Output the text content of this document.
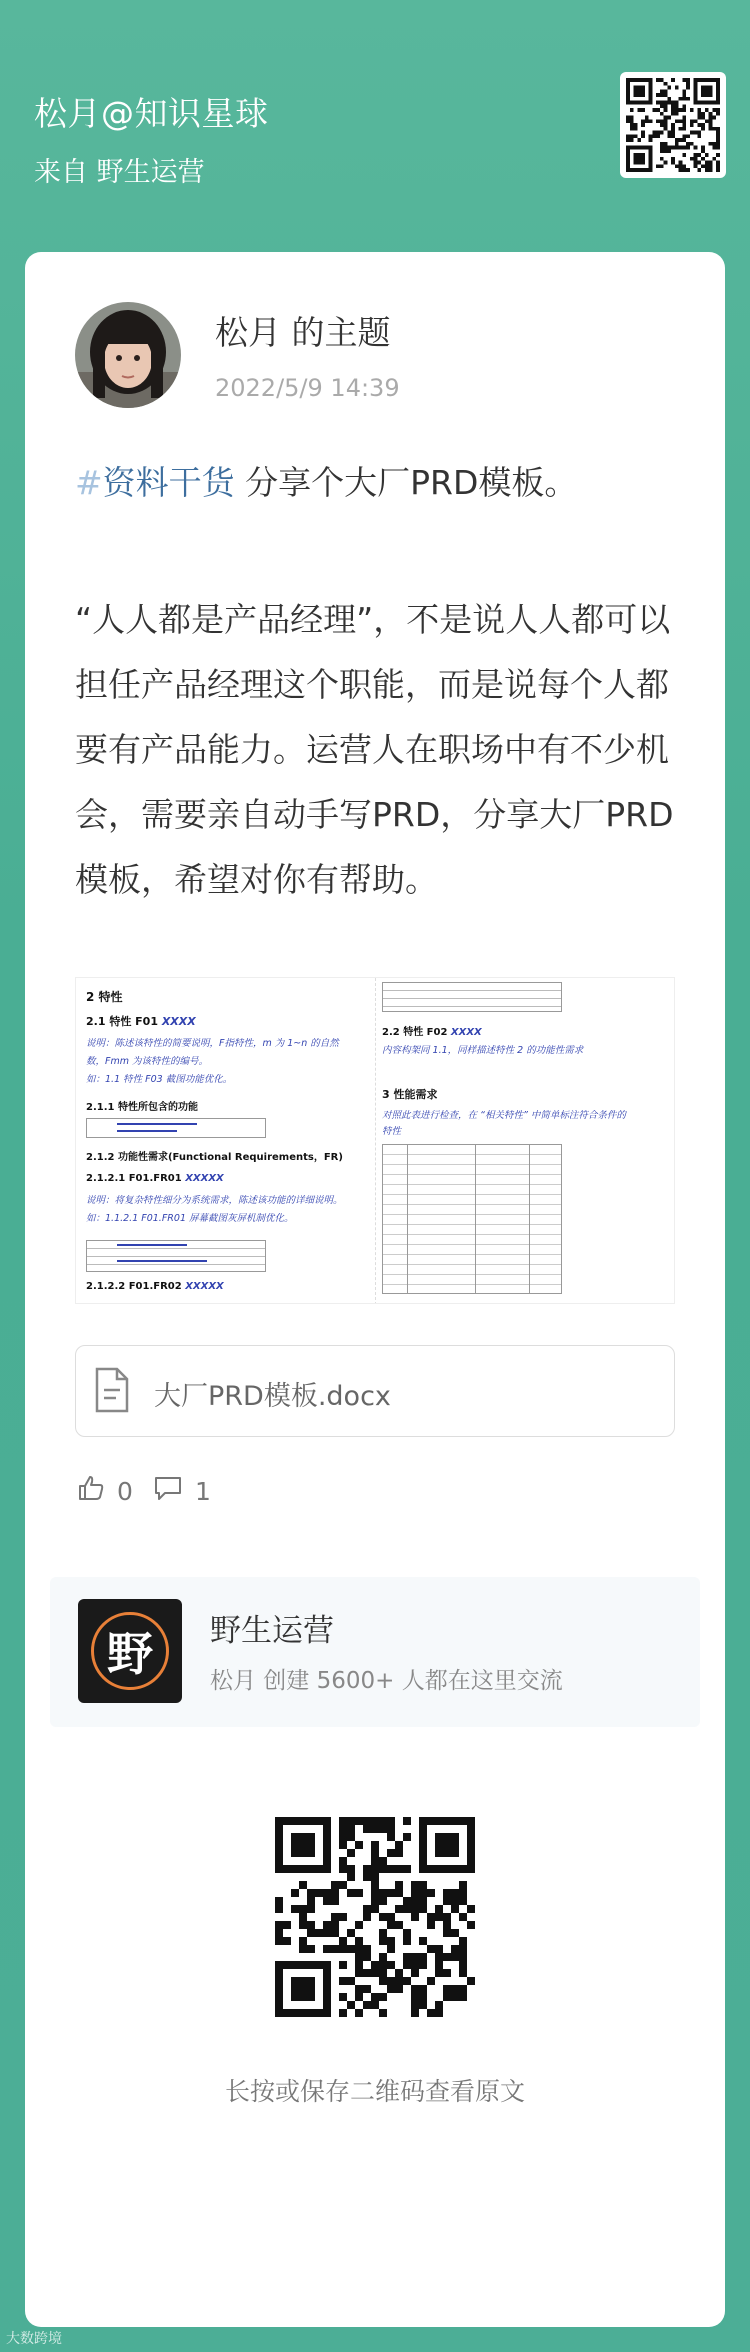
松月@知识星球
来自 野生运营
松月 的主题
2022/5/9 14:39
#资料干货 分享个大厂PRD模板。
“人人都是产品经理”，不是说人人都可以
担任产品经理这个职能，而是说每个人都
要有产品能力。运营人在职场中有不少机
会，需要亲自动手写PRD，分享大厂PRD
模板，希望对你有帮助。
2 特性
2.1 特性 F01 XXXX
说明：陈述该特性的简要说明，F指特性，m 为 1~n 的自然
数，Fmm 为该特性的编号。
如：1.1 特性 F03 截图功能优化。
2.1.1 特性所包含的功能
2.1.2 功能性需求(Functional Requirements，FR)
2.1.2.1 F01.FR01 XXXXX
说明：将复杂特性细分为系统需求，陈述该功能的详细说明。
如：1.1.2.1 F01.FR01 屏幕截图灰屏机制优化。
2.1.2.2 F01.FR02 XXXXX
2.2 特性 F02 XXXX
内容构架同 1.1，同样描述特性 2 的功能性需求
3 性能需求
对照此表进行检查，在 “相关特性” 中简单标注符合条件的
特性
大厂PRD模板.docx
0 1
野 野生运营
松月 创建 5600+ 人都在这里交流
长按或保存二维码查看原文
大数跨境
